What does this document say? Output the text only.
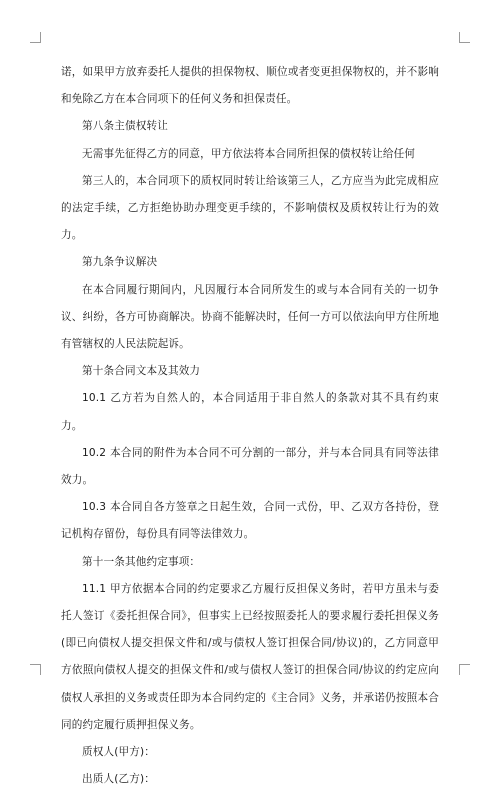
诺，如果甲方放弃委托人提供的担保物权、顺位或者变更担保物权的，并不影响和免除乙方在本合同项下的任何义务和担保责任。

第八条主债权转让

无需事先征得乙方的同意，甲方依法将本合同所担保的债权转让给任何

第三人的，本合同项下的质权同时转让给该第三人，乙方应当为此完成相应的法定手续，乙方拒绝协助办理变更手续的，不影响债权及质权转让行为的效力。

第九条争议解决

在本合同履行期间内，凡因履行本合同所发生的或与本合同有关的一切争议、纠纷，各方可协商解决。协商不能解决时，任何一方可以依法向甲方住所地有管辖权的人民法院起诉。

第十条合同文本及其效力

10.1 乙方若为自然人的，本合同适用于非自然人的条款对其不具有约束力。

10.2 本合同的附件为本合同不可分割的一部分，并与本合同具有同等法律效力。

10.3 本合同自各方签章之日起生效，合同一式份，甲、乙双方各持份，登记机构存留份，每份具有同等法律效力。

第十一条其他约定事项：

11.1 甲方依据本合同的约定要求乙方履行反担保义务时，若甲方虽未与委托人签订《委托担保合同》，但事实上已经按照委托人的要求履行委托担保义务(即已向债权人提交担保文件和/或与债权人签订担保合同/协议)的，乙方同意甲方依照向债权人提交的担保文件和/或与债权人签订的担保合同/协议的约定应向债权人承担的义务或责任即为本合同约定的《主合同》义务，并承诺仍按照本合同的约定履行质押担保义务。

质权人(甲方)：

出质人(乙方)：
